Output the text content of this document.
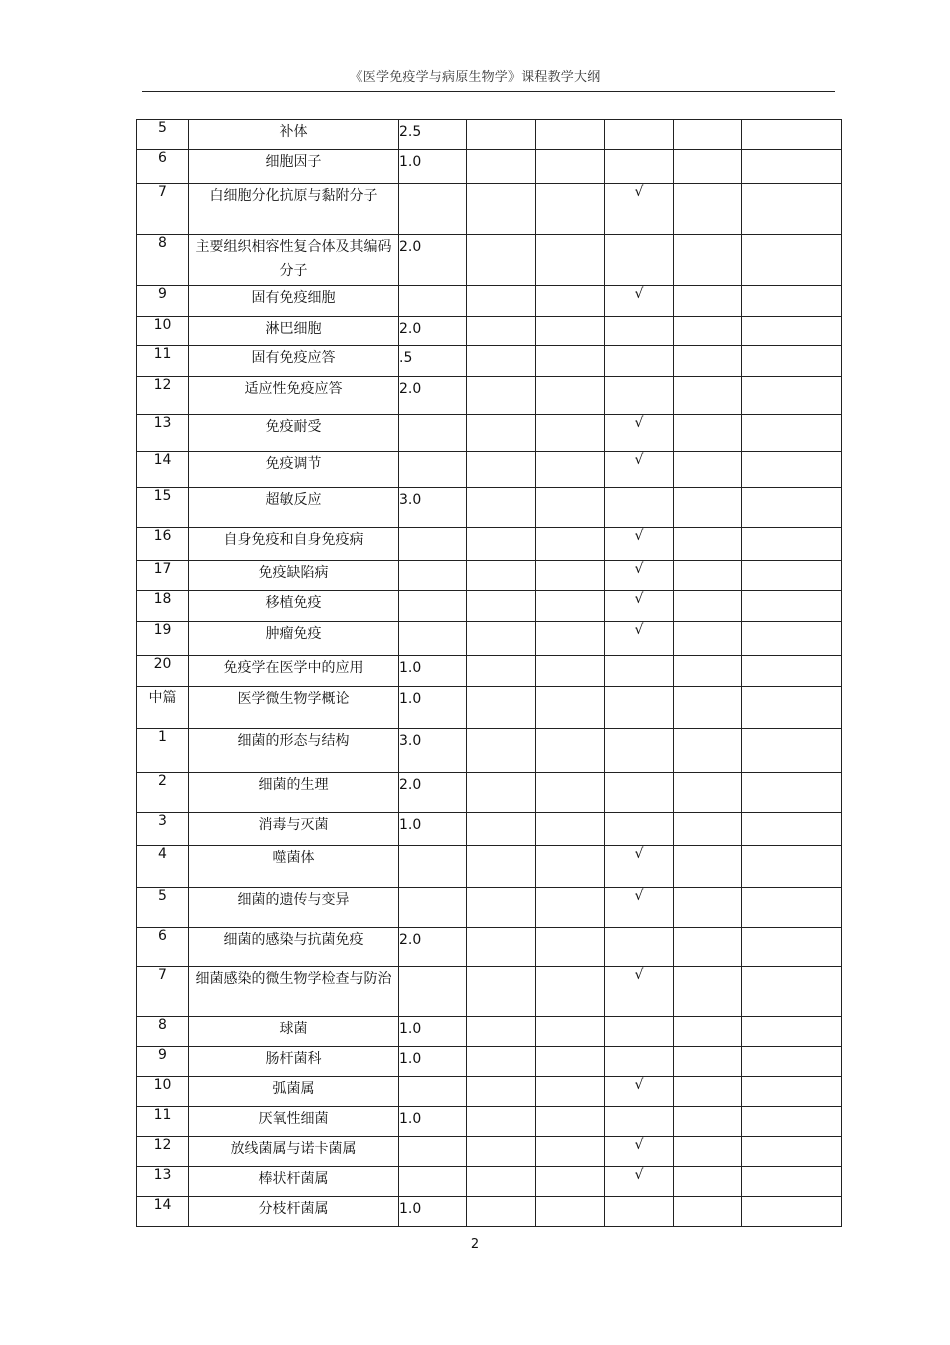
《医学免疫学与病原生物学》课程教学大纲
5	补体	2.5					
6	细胞因子	1.0					
7	白细胞分化抗原与黏附分子				√		
8	主要组织相容性复合体及其编码分子	2.0					
9	固有免疫细胞				√		
10	淋巴细胞	2.0					
11	固有免疫应答	.5					
12	适应性免疫应答	2.0					
13	免疫耐受				√		
14	免疫调节				√		
15	超敏反应	3.0					
16	自身免疫和自身免疫病				√		
17	免疫缺陷病				√		
18	移植免疫				√		
19	肿瘤免疫				√		
20	免疫学在医学中的应用	1.0					
中篇	医学微生物学概论	1.0					
1	细菌的形态与结构	3.0					
2	细菌的生理	2.0					
3	消毒与灭菌	1.0					
4	噬菌体				√		
5	细菌的遗传与变异				√		
6	细菌的感染与抗菌免疫	2.0					
7	细菌感染的微生物学检查与防治				√		
8	球菌	1.0					
9	肠杆菌科	1.0					
10	弧菌属				√		
11	厌氧性细菌	1.0					
12	放线菌属与诺卡菌属				√		
13	棒状杆菌属				√		
14	分枝杆菌属	1.0					
2
